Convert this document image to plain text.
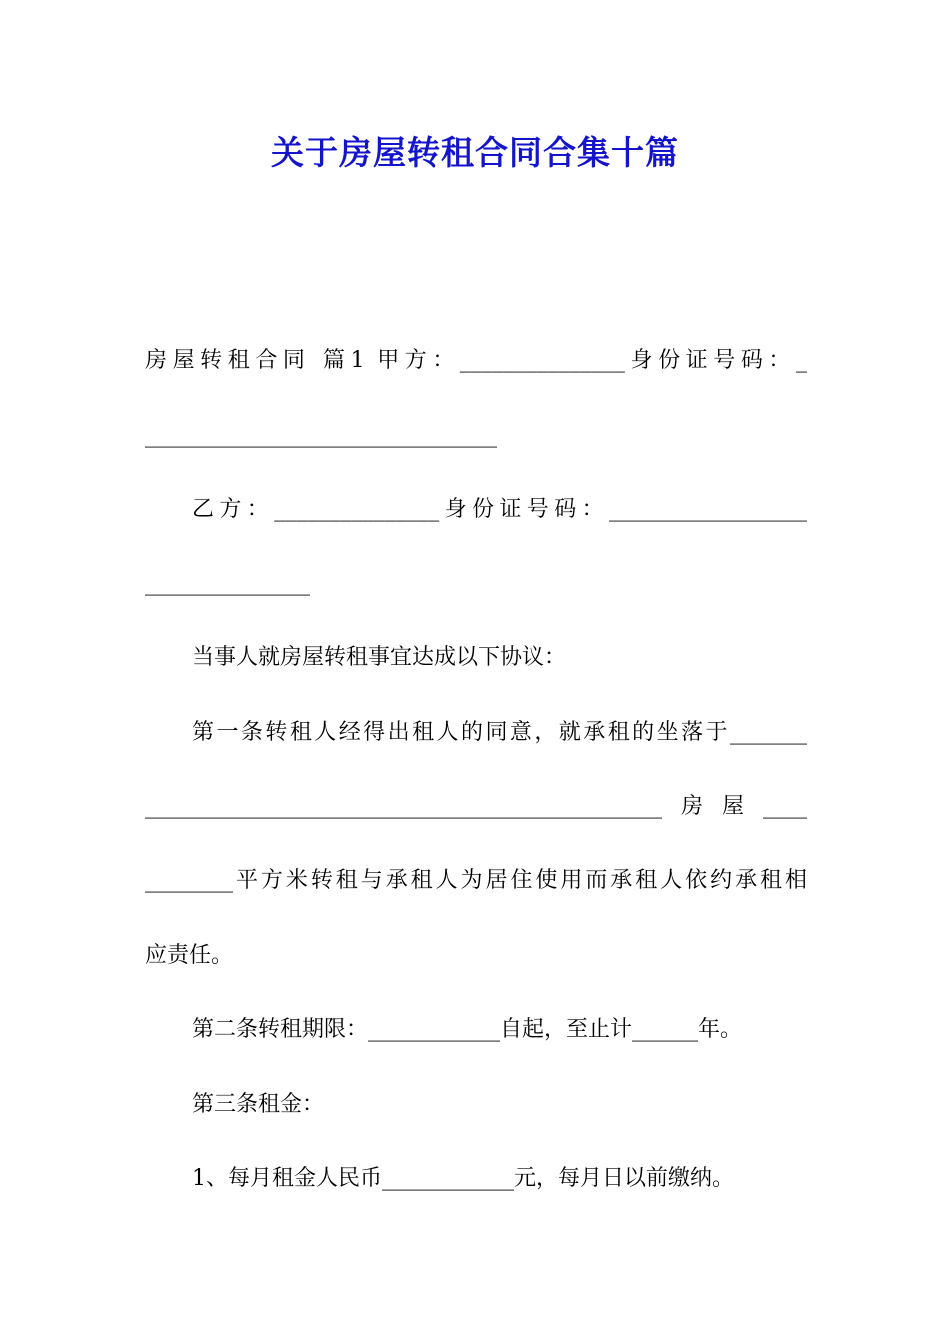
关于房屋转租合同合集十篇
房屋转租合同 篇1 甲方：_______________身份证号码：_
________________________________
乙方：_______________身份证号码：__________________
_______________
当事人就房屋转租事宜达成以下协议：
第一条转租人经得出租人的同意，就承租的坐落于_______
_______________________________________________房屋____
________平方米转租与承租人为居住使用而承租人依约承租相
应责任。
第二条转租期限：____________自起，至止计______年。
第三条租金：
1、每月租金人民币____________元，每月日以前缴纳。
